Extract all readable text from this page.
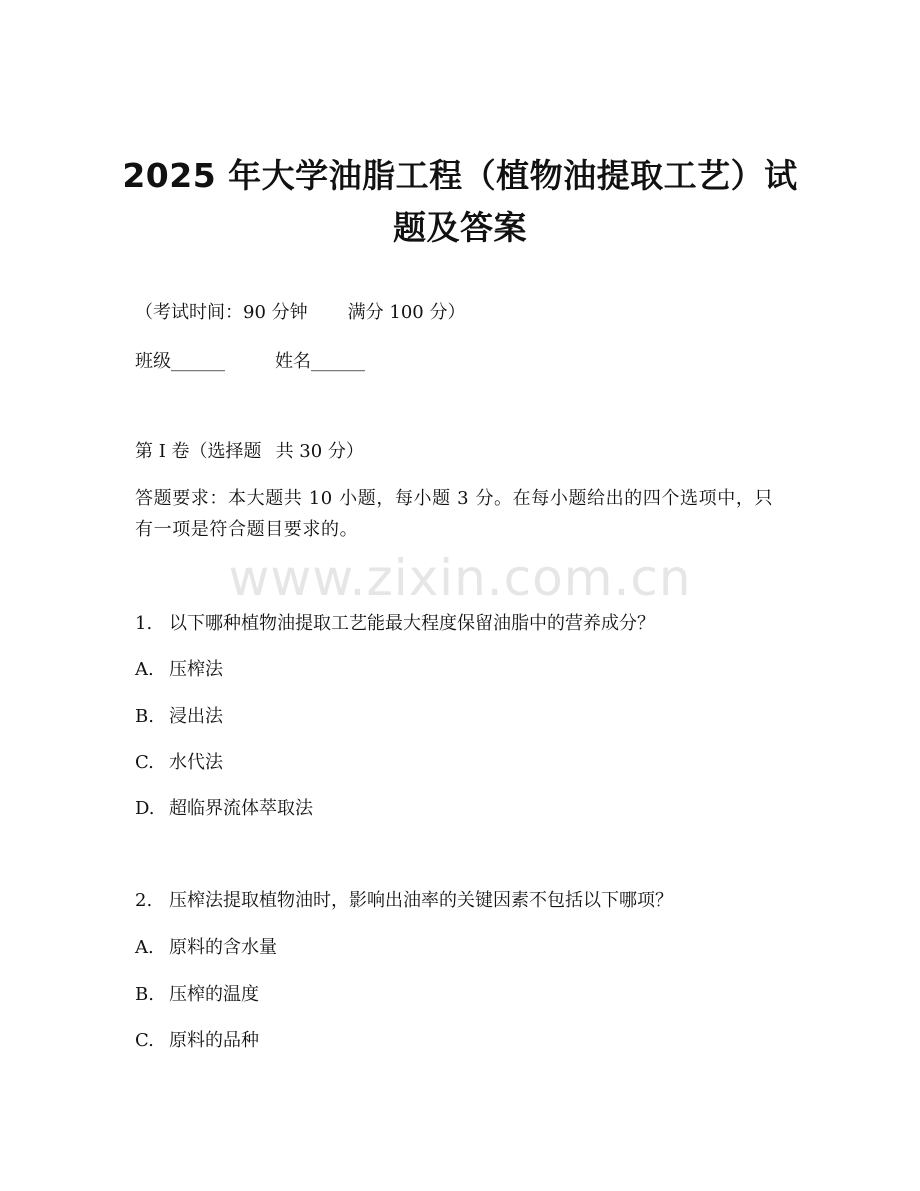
2025 年大学油脂工程（植物油提取工艺）试题及答案
（考试时间：90 分钟 满分 100 分）
班级______	姓名______
第 I 卷（选择题 共 30 分）
答题要求：本大题共 10 小题，每小题 3 分。在每小题给出的四个选项中，只有一项是符合题目要求的。
www.zixin.com.cn
1. 以下哪种植物油提取工艺能最大程度保留油脂中的营养成分？
A. 压榨法
B. 浸出法
C. 水代法
D. 超临界流体萃取法
2. 压榨法提取植物油时，影响出油率的关键因素不包括以下哪项？
A. 原料的含水量
B. 压榨的温度
C. 原料的品种
